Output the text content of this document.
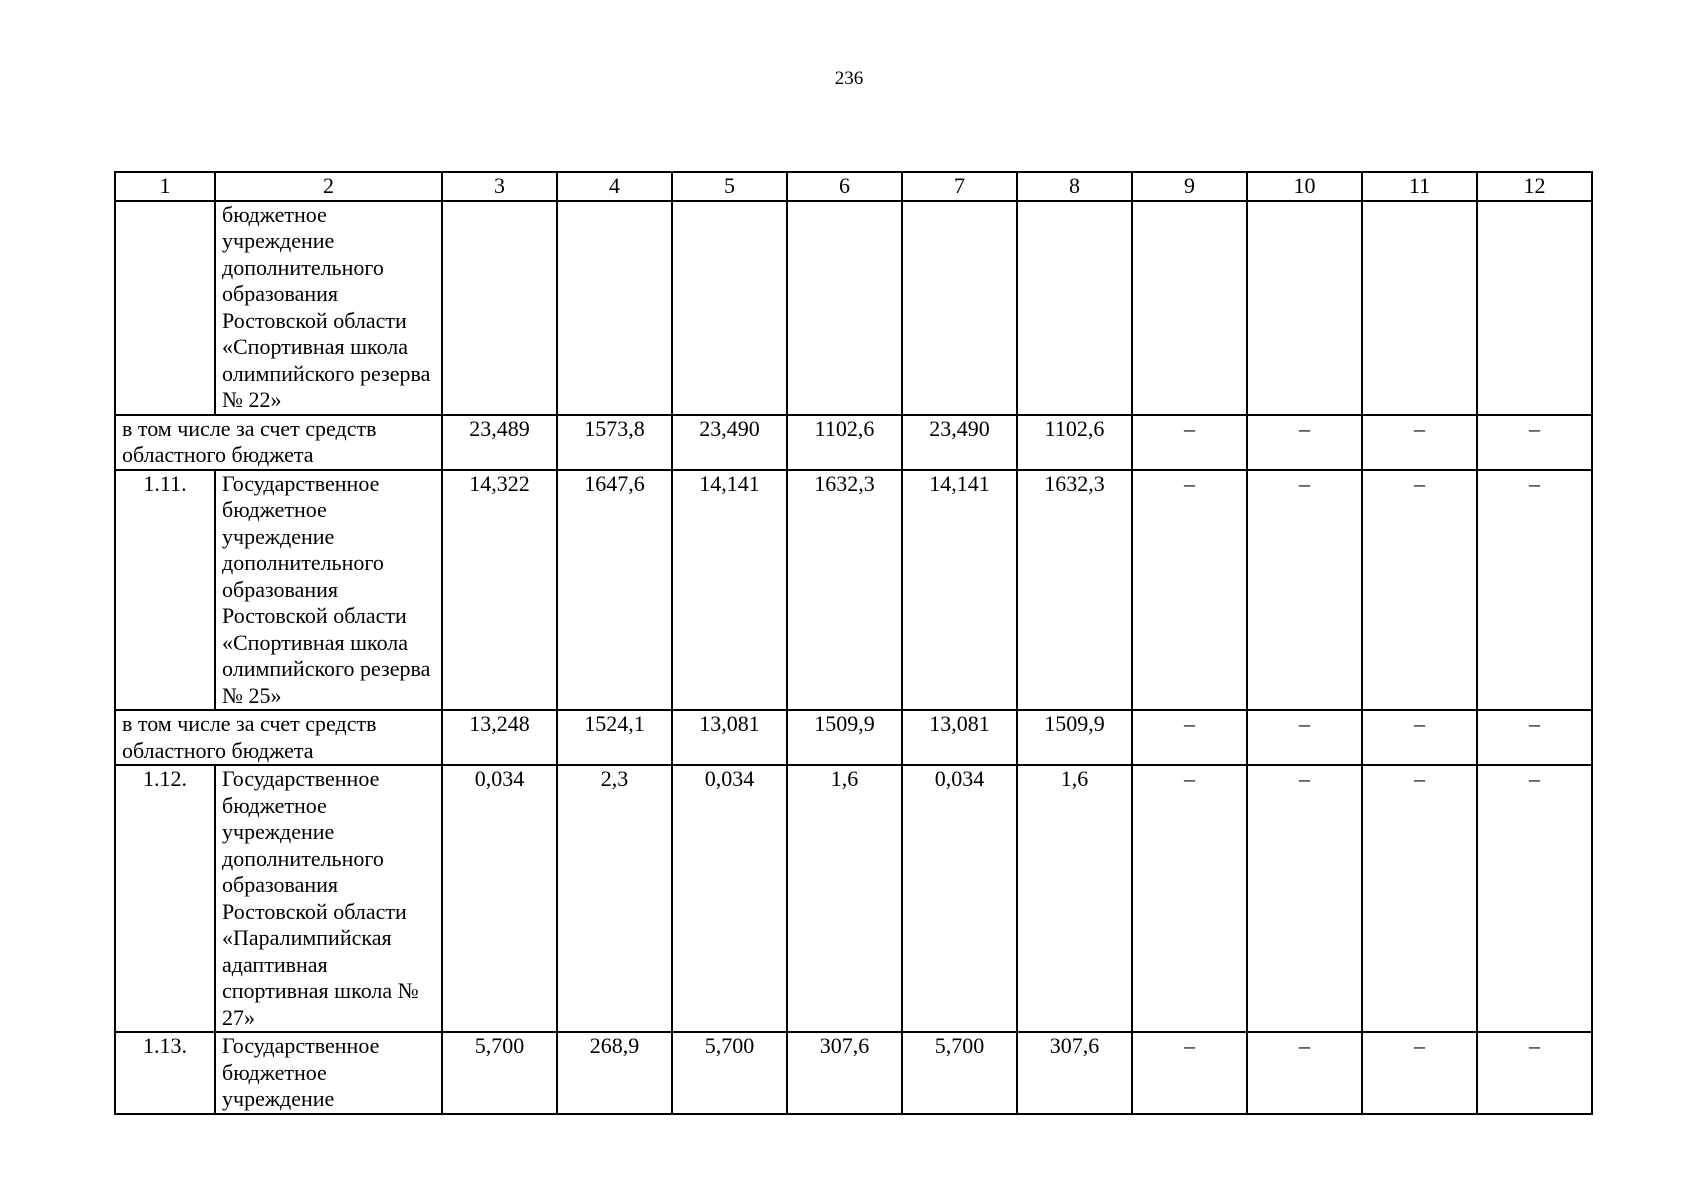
236
1	2	3	4	5	6	7	8	9	10	11	12
	бюджетное учреждение дополнительного образования Ростовской области «Спортивная школа олимпийского резерва № 22»										
в том числе за счет средств областного бюджета		23,489	1573,8	23,490	1102,6	23,490	1102,6	–	–	–	–
1.11.	Государственное бюджетное учреждение дополнительного образования Ростовской области «Спортивная школа олимпийского резерва № 25»	14,322	1647,6	14,141	1632,3	14,141	1632,3	–	–	–	–
в том числе за счет средств областного бюджета		13,248	1524,1	13,081	1509,9	13,081	1509,9	–	–	–	–
1.12.	Государственное бюджетное учреждение дополнительного образования Ростовской области «Паралимпийская адаптивная спортивная школа № 27»	0,034	2,3	0,034	1,6	0,034	1,6	–	–	–	–
1.13.	Государственное бюджетное учреждение	5,700	268,9	5,700	307,6	5,700	307,6	–	–	–	–
